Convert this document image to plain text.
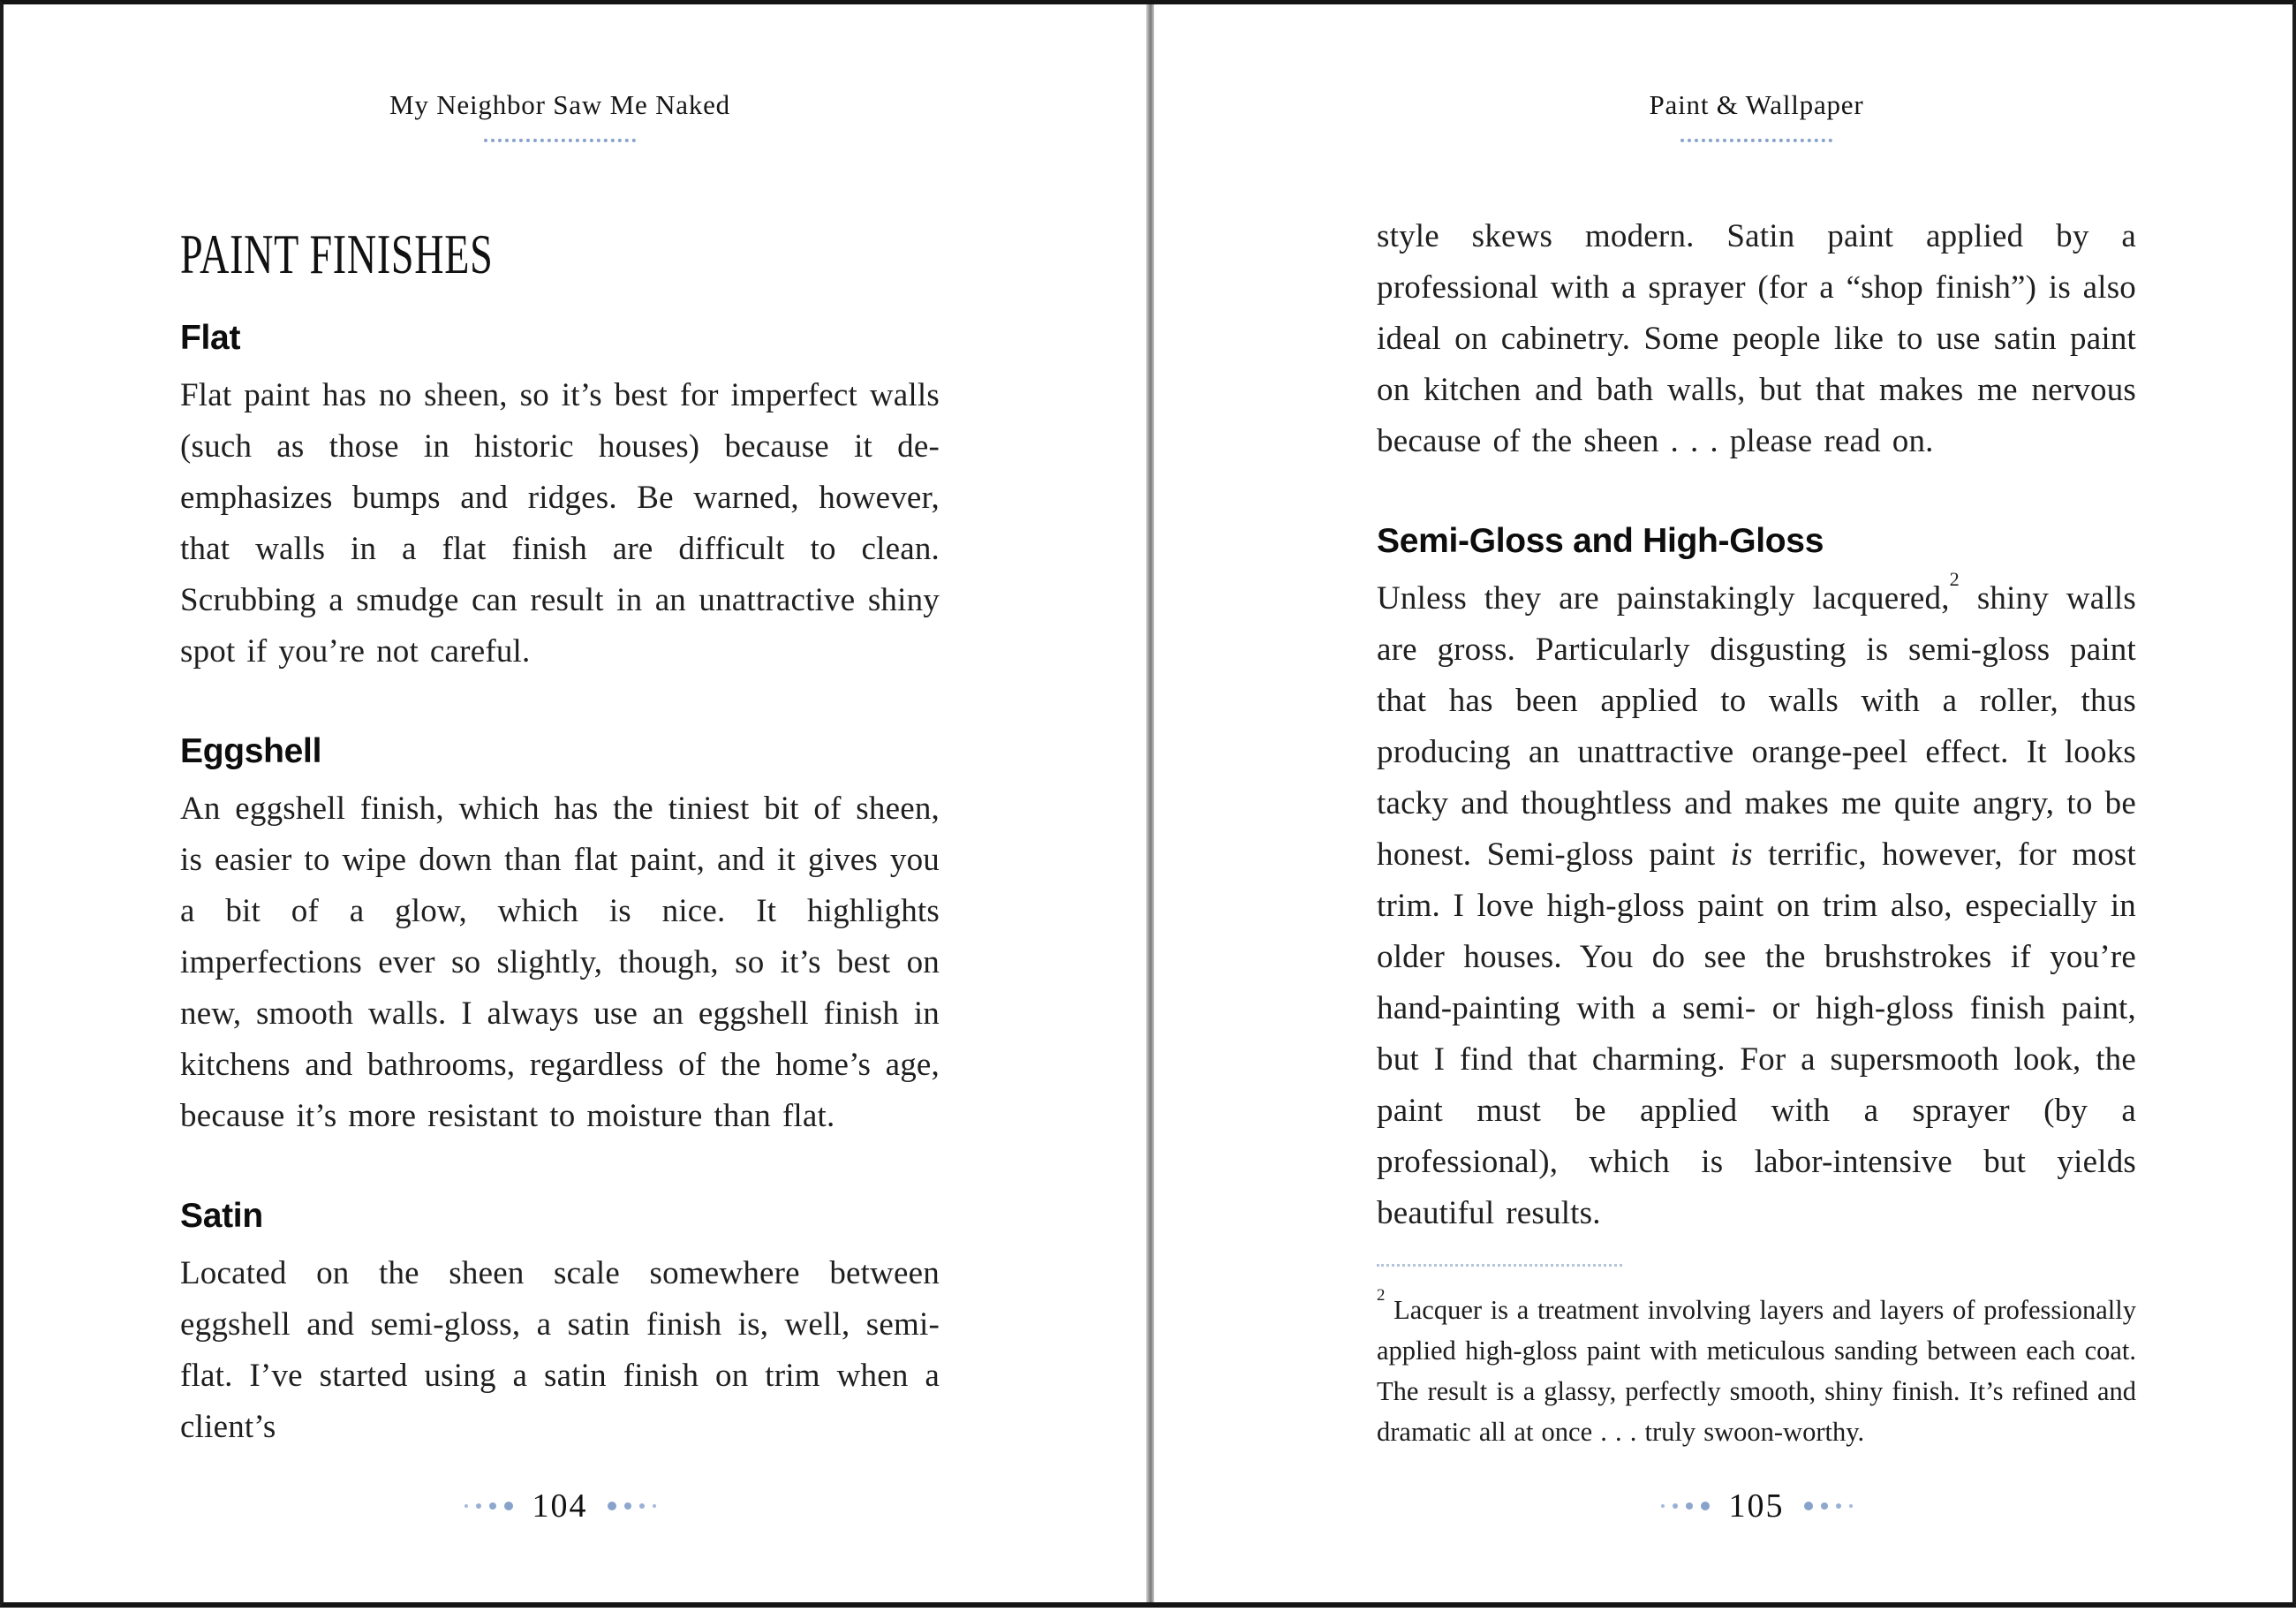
My Neighbor Saw Me Naked
PAINT FINISHES
Flat

Flat paint has no sheen, so it’s best for imperfect walls (such as those in historic houses) because it de-emphasizes bumps and ridges. Be warned, however, that walls in a flat finish are difficult to clean. Scrubbing a smudge can result in an unattractive shiny spot if you’re not careful.

Eggshell

An eggshell finish, which has the tiniest bit of sheen, is easier to wipe down than flat paint, and it gives you a bit of a glow, which is nice. It highlights imperfections ever so slightly, though, so it’s best on new, smooth walls. I always use an eggshell finish in kitchens and bathrooms, regardless of the home’s age, because it’s more resistant to moisture than flat.

Satin

Located on the sheen scale somewhere between eggshell and semi-gloss, a satin finish is, well, semi-flat. I’ve started using a satin finish on trim when a client’s

104
Paint & Wallpaper

style skews modern. Satin paint applied by a professional with a sprayer (for a “shop finish”) is also ideal on cabinetry. Some people like to use satin paint on kitchen and bath walls, but that makes me nervous because of the sheen . . . please read on.

Semi-Gloss and High-Gloss

Unless they are painstakingly lacquered,$^2$ shiny walls are gross. Particularly disgusting is semi-gloss paint that has been applied to walls with a roller, thus producing an unattractive orange-peel effect. It looks tacky and thoughtless and makes me quite angry, to be honest. Semi-gloss paint is terrific, however, for most trim. I love high-gloss paint on trim also, especially in older houses. You do see the brushstrokes if you’re hand-painting with a semi- or high-gloss finish paint, but I find that charming. For a supersmooth look, the paint must be applied with a sprayer (by a professional), which is labor-intensive but yields beautiful results.

$^2$ Lacquer is a treatment involving layers and layers of professionally applied high-gloss paint with meticulous sanding between each coat. The result is a glassy, perfectly smooth, shiny finish. It’s refined and dramatic all at once . . . truly swoon-worthy.

105
